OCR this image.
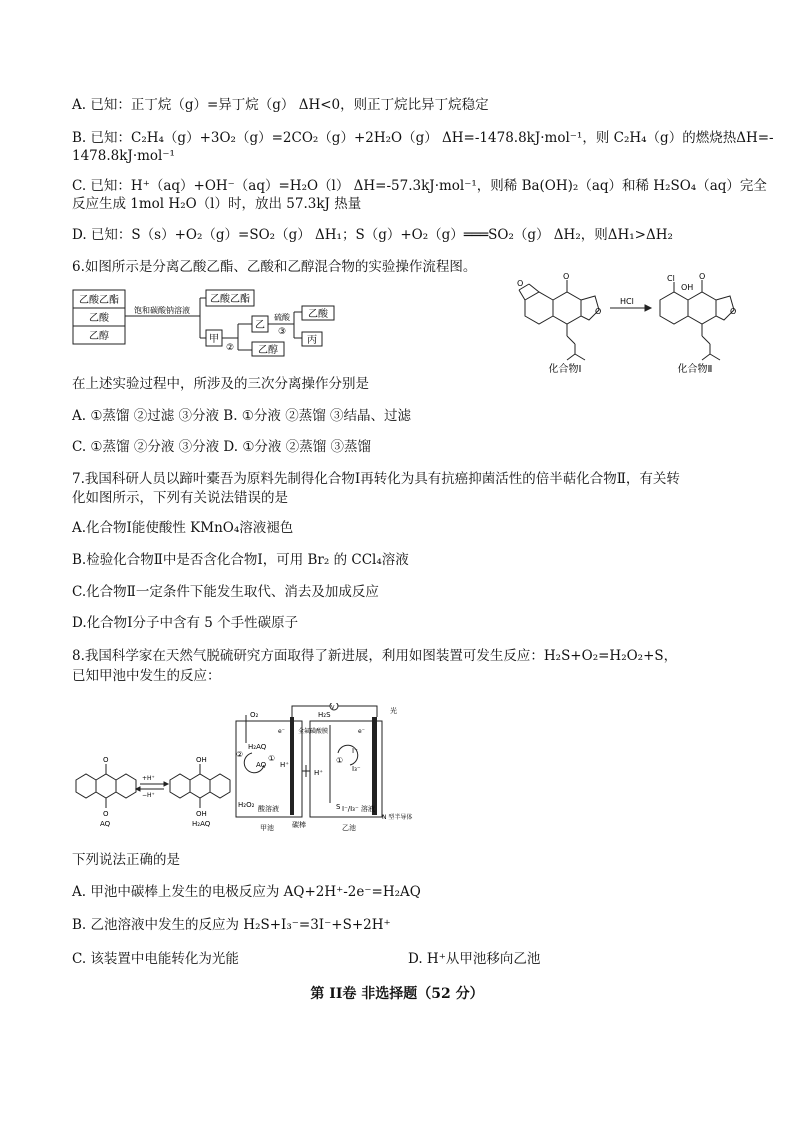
A. 已知：正丁烷（g）=异丁烷（g） ΔH<0，则正丁烷比异丁烷稳定
B. 已知：C₂H₄（g）+3O₂（g）=2CO₂（g）+2H₂O（g） ΔH=-1478.8kJ·mol⁻¹，则 C₂H₄（g）的燃烧热ΔH=-
1478.8kJ·mol⁻¹
C. 已知：H⁺（aq）+OH⁻（aq）=H₂O（l） ΔH=-57.3kJ·mol⁻¹，则稀 Ba(OH)₂（aq）和稀 H₂SO₄（aq）完全
反应生成 1mol H₂O（l）时，放出 57.3kJ 热量
D. 已知：S（s）+O₂（g）=SO₂（g） ΔH₁；S（g）+O₂（g）═══SO₂（g） ΔH₂，则ΔH₁>ΔH₂
6.如图所示是分离乙酸乙酯、乙酸和乙醇混合物的实验操作流程图。
乙酸乙酯
乙酸
乙醇
饱和碳酸钠溶液
乙酸乙酯
甲
②
乙
乙醇
硫酸
③
乙酸
丙
O
O
O
HCl
O
Cl
OH
O
化合物Ⅰ	化合物Ⅱ
在上述实验过程中，所涉及的三次分离操作分别是
A. ①蒸馏 ②过滤 ③分液 B. ①分液 ②蒸馏 ③结晶、过滤
C. ①蒸馏 ②分液 ③分液 D. ①分液 ②蒸馏 ③蒸馏
7.我国科研人员以蹄叶橐吾为原料先制得化合物Ⅰ再转化为具有抗癌抑菌活性的倍半萜化合物Ⅱ，有关转
化如图所示，下列有关说法错误的是
A.化合物Ⅰ能使酸性 KMnO₄溶液褪色
B.检验化合物Ⅱ中是否含化合物Ⅰ，可用 Br₂ 的 CCl₄溶液
C.化合物Ⅱ一定条件下能发生取代、消去及加成反应
D.化合物Ⅰ分子中含有 5 个手性碳原子
8.我国科学家在天然气脱硫研究方面取得了新进展，利用如图装置可发生反应：H₂S+O₂=H₂O₂+S，
已知甲池中发生的反应：
O
O
AQ
+H⁺
−H⁺
OH
OH
H₂AQ
V
O₂
e⁻
H₂AQ
AQ
②	①
H₂O₂
H⁺
酸溶液
碳棒
全氟磺酸膜
H⁺
H₂S
e⁻
I⁻
I₃⁻
①
S I⁻/I₃⁻ 溶液
光
N 型半导体
甲池	乙池
下列说法正确的是
A. 甲池中碳棒上发生的电极反应为 AQ+2H⁺-2e⁻=H₂AQ
B. 乙池溶液中发生的反应为 H₂S+I₃⁻=3I⁻+S+2H⁺
C. 该装置中电能转化为光能	D. H⁺从甲池移向乙池
第 II卷 非选择题（52 分）
